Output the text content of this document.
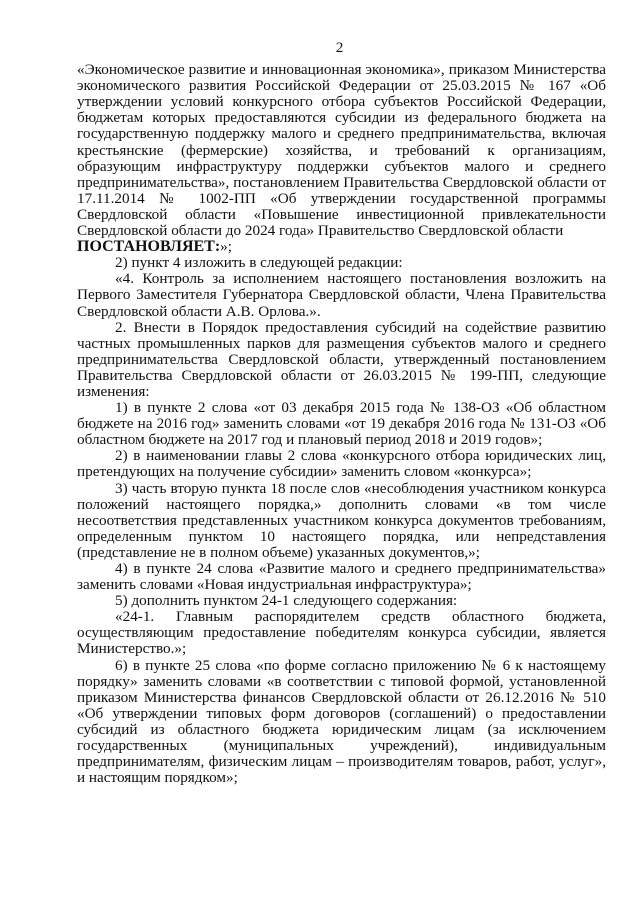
2

«Экономическое развитие и инновационная экономика», приказом Министерства экономического развития Российской Федерации от 25.03.2015 № 167 «Об утверждении условий конкурсного отбора субъектов Российской Федерации, бюджетам которых предоставляются субсидии из федерального бюджета на государственную поддержку малого и среднего предпринимательства, включая крестьянские (фермерские) хозяйства, и требований к организациям, образующим инфраструктуру поддержки субъектов малого и среднего предпринимательства», постановлением Правительства Свердловской области от 17.11.2014 № 1002-ПП «Об утверждении государственной программы Свердловской области «Повышение инвестиционной привлекательности Свердловской области до 2024 года» Правительство Свердловской области

ПОСТАНОВЛЯЕТ:»;

2) пункт 4 изложить в следующей редакции:

«4. Контроль за исполнением настоящего постановления возложить на Первого Заместителя Губернатора Свердловской области, Члена Правительства Свердловской области А.В. Орлова.».

2. Внести в Порядок предоставления субсидий на содействие развитию частных промышленных парков для размещения субъектов малого и среднего предпринимательства Свердловской области, утвержденный постановлением Правительства Свердловской области от 26.03.2015 № 199-ПП, следующие изменения:

1) в пункте 2 слова «от 03 декабря 2015 года № 138-ОЗ «Об областном бюджете на 2016 год» заменить словами «от 19 декабря 2016 года № 131-ОЗ «Об областном бюджете на 2017 год и плановый период 2018 и 2019 годов»;

2) в наименовании главы 2 слова «конкурсного отбора юридических лиц, претендующих на получение субсидии» заменить словом «конкурса»;

3) часть вторую пункта 18 после слов «несоблюдения участником конкурса положений настоящего порядка,» дополнить словами «в том числе несоответствия представленных участником конкурса документов требованиям, определенным пунктом 10 настоящего порядка, или непредставления (представление не в полном объеме) указанных документов,»;

4) в пункте 24 слова «Развитие малого и среднего предпринимательства» заменить словами «Новая индустриальная инфраструктура»;

5) дополнить пунктом 24-1 следующего содержания:

«24-1. Главным распорядителем средств областного бюджета, осуществляющим предоставление победителям конкурса субсидии, является Министерство.»;

6) в пункте 25 слова «по форме согласно приложению № 6 к настоящему порядку» заменить словами «в соответствии с типовой формой, установленной приказом Министерства финансов Свердловской области от 26.12.2016 № 510 «Об утверждении типовых форм договоров (соглашений) о предоставлении субсидий из областного бюджета юридическим лицам (за исключением государственных (муниципальных учреждений), индивидуальным предпринимателям, физическим лицам – производителям товаров, работ, услуг», и настоящим порядком»;
